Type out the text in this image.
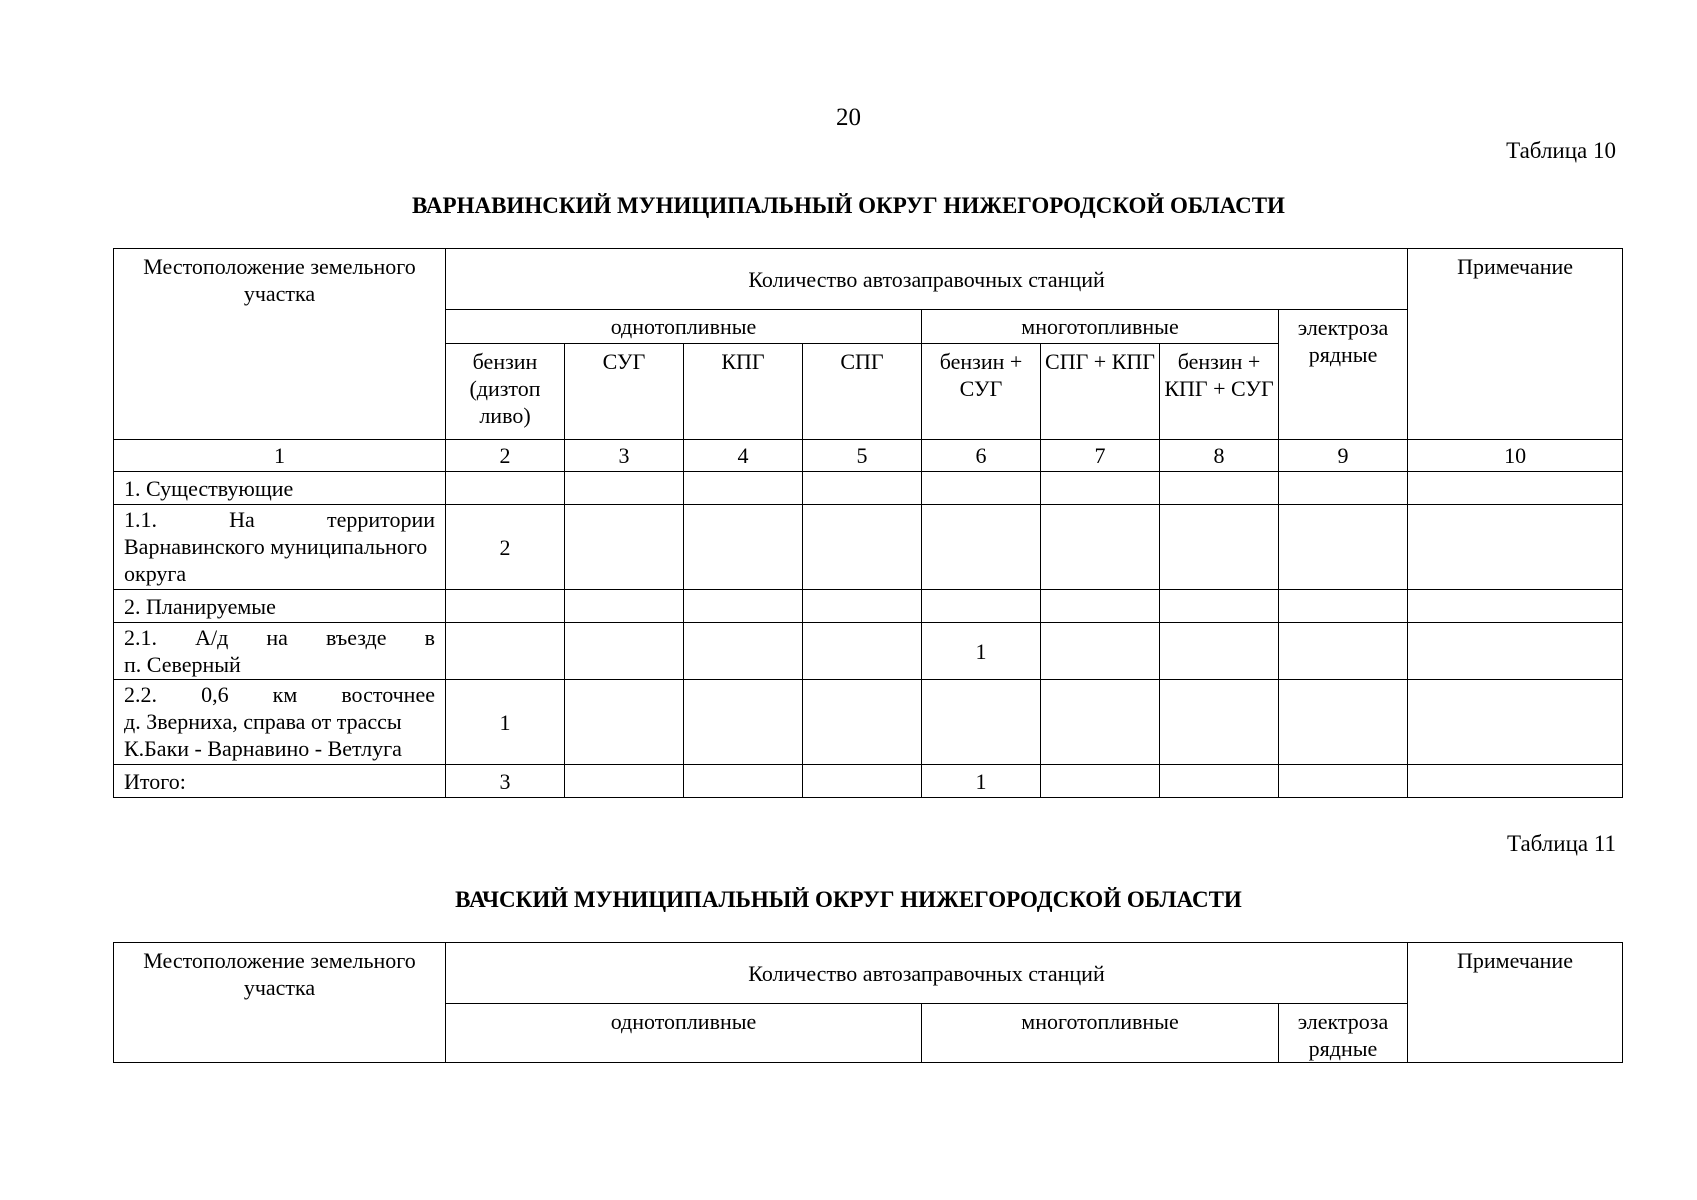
20
Таблица 10
ВАРНАВИНСКИЙ МУНИЦИПАЛЬНЫЙ ОКРУГ НИЖЕГОРОДСКОЙ ОБЛАСТИ
Местоположение земельного участка	Количество автозаправочных станций								Примечание
	однотопливные				многотопливные			электроза рядные	
	бензин (дизтоп ливо)	СУГ	КПГ	СПГ	бензин + СУГ	СПГ + КПГ	бензин + КПГ + СУГ		
1	2	3	4	5	6	7	8	9	10
1. Существующие									

1.1. На территории
Варнавинского муниципального округа	2								
2. Планируемые									

2.1. А/д на въезде в
п. Северный					1				

2.2. 0,6 км восточнее
д. Зверниха, справа от трассы К.Баки - Варнавино - Ветлуга	1								
Итого:	3				1				
Таблица 11
ВАЧСКИЙ МУНИЦИПАЛЬНЫЙ ОКРУГ НИЖЕГОРОДСКОЙ ОБЛАСТИ
Местоположение земельного участка	Количество автозаправочных станций			Примечание
	однотопливные	многотопливные	электроза рядные	
